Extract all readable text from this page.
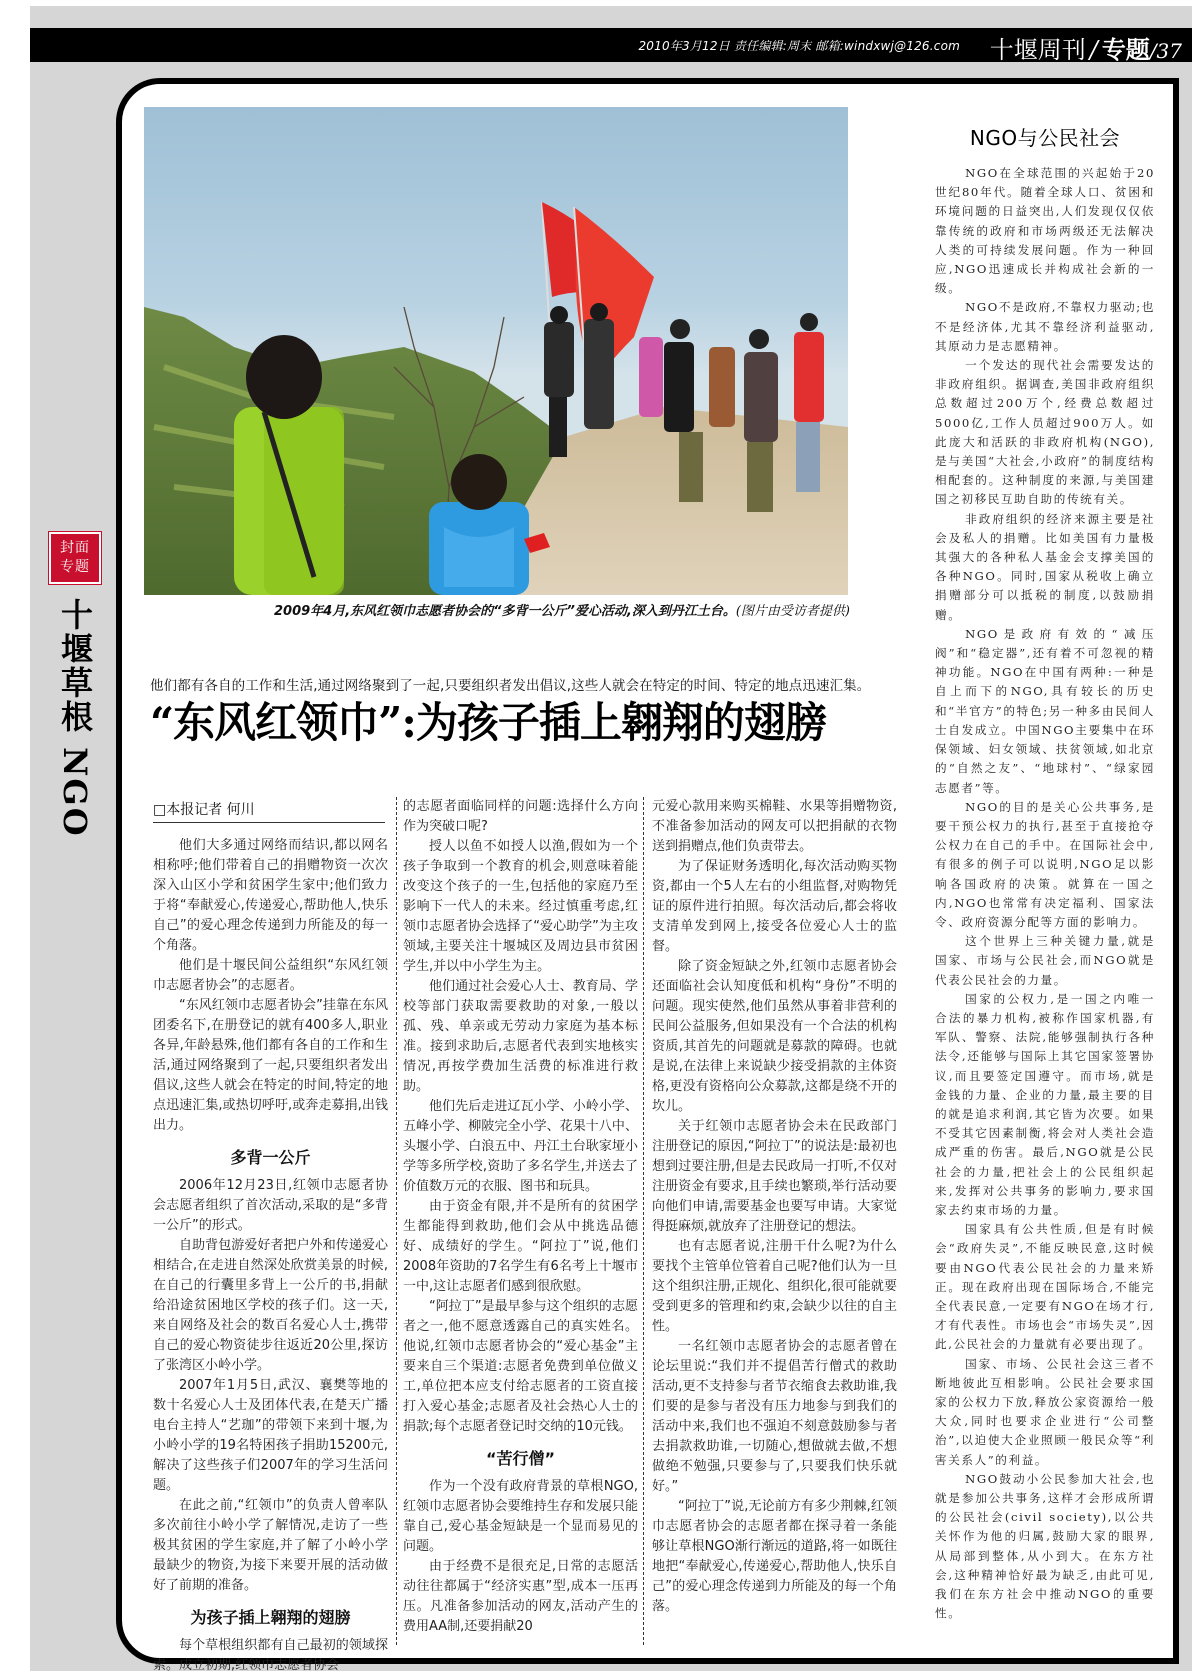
2010年3月12日 责任编辑:周末 邮箱:windxwj@126.com 十堰周刊 / 专题/37
封面
专题
十堰草根 NGO	2009年4月,东风红领巾志愿者协会的“多背一公斤”爱心活动,深入到丹江土台。(图片由受访者提供)
他们都有各自的工作和生活,通过网络聚到了一起,只要组织者发出倡议,这些人就会在特定的时间、特定的地点迅速汇集。
“东风红领巾”:为孩子插上翱翔的翅膀
□本报记者 何川

他们大多通过网络而结识,都以网名相称呼;他们带着自己的捐赠物资一次次深入山区小学和贫困学生家中;他们致力于将“奉献爱心,传递爱心,帮助他人,快乐自己”的爱心理念传递到力所能及的每一个角落。

他们是十堰民间公益组织“东风红领巾志愿者协会”的志愿者。

“东风红领巾志愿者协会”挂靠在东风团委名下,在册登记的就有400多人,职业各异,年龄悬殊,他们都有各自的工作和生活,通过网络聚到了一起,只要组织者发出倡议,这些人就会在特定的时间,特定的地点迅速汇集,或热切呼吁,或奔走募捐,出钱出力。

多背一公斤

2006年12月23日,红领巾志愿者协会志愿者组织了首次活动,采取的是“多背一公斤”的形式。

自助背包游爱好者把户外和传递爱心相结合,在走进自然深处欣赏美景的时候,在自己的行囊里多背上一公斤的书,捐献给沿途贫困地区学校的孩子们。这一天,来自网络及社会的数百名爱心人士,携带自己的爱心物资徒步往返近20公里,探访了张湾区小岭小学。

2007年1月5日,武汉、襄樊等地的数十名爱心人士及团体代表,在楚天广播电台主持人“艺珈”的带领下来到十堰,为小岭小学的19名特困孩子捐助15200元,解决了这些孩子们2007年的学习生活问题。

在此之前,“红领巾”的负责人曾率队多次前往小岭小学了解情况,走访了一些极其贫困的学生家庭,并了解了小岭小学最缺少的物资,为接下来要开展的活动做好了前期的准备。

为孩子插上翱翔的翅膀

每个草根组织都有自己最初的领域探索。成立初期,红领巾志愿者协会

的志愿者面临同样的问题:选择什么方向作为突破口呢?

授人以鱼不如授人以渔,假如为一个孩子争取到一个教育的机会,则意味着能改变这个孩子的一生,包括他的家庭乃至影响下一代人的未来。经过慎重考虑,红领巾志愿者协会选择了“爱心助学”为主攻领域,主要关注十堰城区及周边县市贫困学生,并以中小学生为主。

他们通过社会爱心人士、教育局、学校等部门获取需要救助的对象,一般以孤、残、单亲或无劳动力家庭为基本标准。接到求助后,志愿者代表到实地核实情况,再按学费加生活费的标准进行救助。

他们先后走进辽瓦小学、小岭小学、五峰小学、柳陂完全小学、花果十八中、头堰小学、白浪五中、丹江土台耿家垭小学等多所学校,资助了多名学生,并送去了价值数万元的衣服、图书和玩具。

由于资金有限,并不是所有的贫困学生都能得到救助,他们会从中挑选品德好、成绩好的学生。“阿拉丁”说,他们2008年资助的7名学生有6名考上十堰市一中,这让志愿者们感到很欣慰。

“阿拉丁”是最早参与这个组织的志愿者之一,他不愿意透露自己的真实姓名。他说,红领巾志愿者协会的“爱心基金”主要来自三个渠道:志愿者免费到单位做义工,单位把本应支付给志愿者的工资直接打入爱心基金;志愿者及社会热心人士的捐款;每个志愿者登记时交纳的10元钱。

“苦行僧”

作为一个没有政府背景的草根NGO,红领巾志愿者协会要维持生存和发展只能靠自己,爱心基金短缺是一个显而易见的问题。

由于经费不是很充足,日常的志愿活动往往都属于“经济实惠”型,成本一压再压。凡准备参加活动的网友,活动产生的费用AA制,还要捐献20

元爱心款用来购买棉鞋、水果等捐赠物资,不准备参加活动的网友可以把捐献的衣物送到捐赠点,他们负责带去。

为了保证财务透明化,每次活动购买物资,都由一个5人左右的小组监督,对购物凭证的原件进行拍照。每次活动后,都会将收支清单发到网上,接受各位爱心人士的监督。

除了资金短缺之外,红领巾志愿者协会还面临社会认知度低和机构“身份”不明的问题。现实使然,他们虽然从事着非营利的民间公益服务,但如果没有一个合法的机构资质,其首先的问题就是募款的障碍。也就是说,在法律上来说缺少接受捐款的主体资格,更没有资格向公众募款,这都是绕不开的坎儿。

关于红领巾志愿者协会未在民政部门注册登记的原因,“阿拉丁”的说法是:最初也想到过要注册,但是去民政局一打听,不仅对注册资金有要求,且手续也繁琐,举行活动要向他们申请,需要基金也要写申请。大家觉得挺麻烦,就放弃了注册登记的想法。

也有志愿者说,注册干什么呢?为什么要找个主管单位管着自己呢?他们认为一旦这个组织注册,正规化、组织化,很可能就要受到更多的管理和约束,会缺少以往的自主性。

一名红领巾志愿者协会的志愿者曾在论坛里说:“我们并不提倡苦行僧式的救助活动,更不支持参与者节衣缩食去救助谁,我们要的是参与者没有压力地参与到我们的活动中来,我们也不强迫不刻意鼓励参与者去捐款救助谁,一切随心,想做就去做,不想做绝不勉强,只要参与了,只要我们快乐就好。”

“阿拉丁”说,无论前方有多少荆棘,红领巾志愿者协会的志愿者都在探寻着一条能够让草根NGO渐行渐远的道路,将一如既往地把“奉献爱心,传递爱心,帮助他人,快乐自己”的爱心理念传递到力所能及的每一个角落。

NGO与公民社会

NGO在全球范围的兴起始于20世纪80年代。随着全球人口、贫困和环境问题的日益突出,人们发现仅仅依靠传统的政府和市场两级还无法解决人类的可持续发展问题。作为一种回应,NGO迅速成长并构成社会新的一级。

NGO不是政府,不靠权力驱动;也不是经济体,尤其不靠经济利益驱动,其原动力是志愿精神。

一个发达的现代社会需要发达的非政府组织。据调查,美国非政府组织总数超过200万个,经费总数超过5000亿,工作人员超过900万人。如此庞大和活跃的非政府机构(NGO),是与美国“大社会,小政府”的制度结构相配套的。这种制度的来源,与美国建国之初移民互助自助的传统有关。

非政府组织的经济来源主要是社会及私人的捐赠。比如美国有力量极其强大的各种私人基金会支撑美国的各种NGO。同时,国家从税收上确立捐赠部分可以抵税的制度,以鼓励捐赠。

NGO是政府有效的“减压阀”和“稳定器”,还有着不可忽视的精神功能。NGO在中国有两种:一种是自上而下的NGO,具有较长的历史和“半官方”的特色;另一种多由民间人士自发成立。中国NGO主要集中在环保领域、妇女领域、扶贫领域,如北京的“自然之友”、“地球村”、“绿家园志愿者”等。

NGO的目的是关心公共事务,是要干预公权力的执行,甚至于直接抢夺公权力在自己的手中。在国际社会中,有很多的例子可以说明,NGO足以影响各国政府的决策。就算在一国之内,NGO也常常有决定福利、国家法令、政府资源分配等方面的影响力。

这个世界上三种关键力量,就是国家、市场与公民社会,而NGO就是代表公民社会的力量。

国家的公权力,是一国之内唯一合法的暴力机构,被称作国家机器,有军队、警察、法院,能够强制执行各种法令,还能够与国际上其它国家签署协议,而且要签定国遵守。而市场,就是金钱的力量、企业的力量,最主要的目的就是追求利润,其它皆为次要。如果不受其它因素制衡,将会对人类社会造成严重的伤害。最后,NGO就是公民社会的力量,把社会上的公民组织起来,发挥对公共事务的影响力,要求国家去约束市场的力量。

国家具有公共性质,但是有时候会“政府失灵”,不能反映民意,这时候要由NGO代表公民社会的力量来矫正。现在政府出现在国际场合,不能完全代表民意,一定要有NGO在场才行,才有代表性。市场也会“市场失灵”,因此,公民社会的力量就有必要出现了。

国家、市场、公民社会这三者不断地彼此互相影响。公民社会要求国家的公权力下放,释放公家资源给一般大众,同时也要求企业进行“公司整治”,以迫使大企业照顾一般民众等“利害关系人”的利益。

NGO鼓动小公民参加大社会,也就是参加公共事务,这样才会形成所谓的公民社会(civil society),以公共关怀作为他的归属,鼓励大家的眼界,从局部到整体,从小到大。在东方社会,这种精神恰好最为缺乏,由此可见,我们在东方社会中推动NGO的重要性。
